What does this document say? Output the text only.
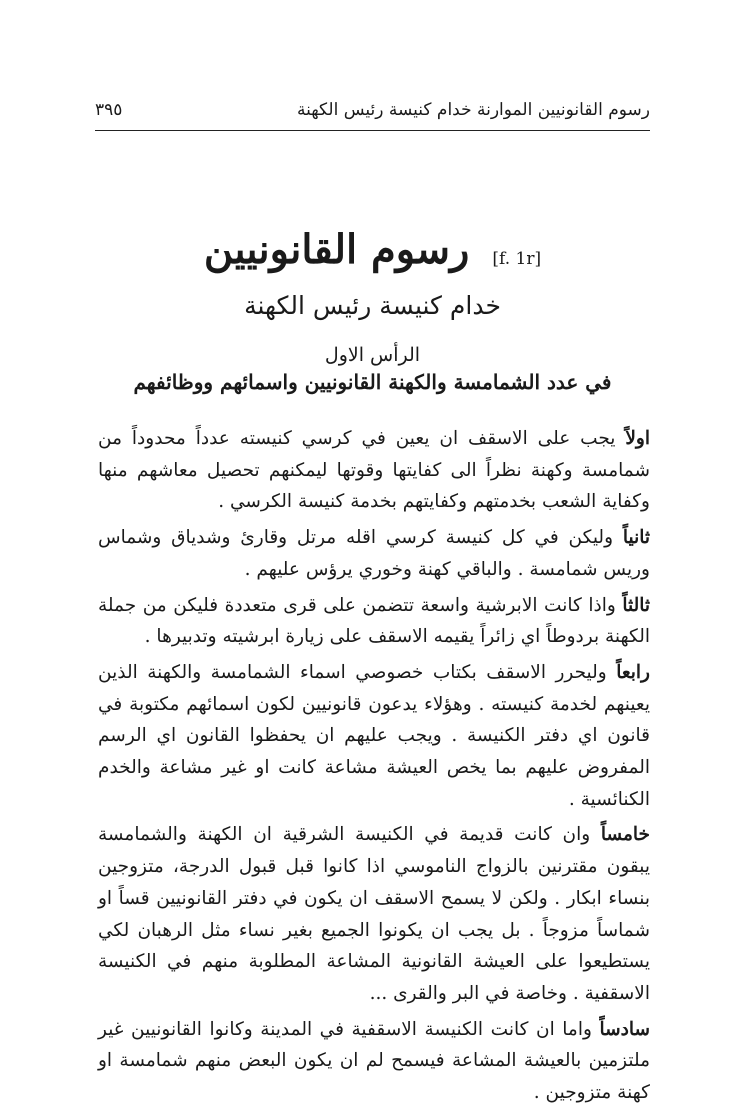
رسوم القانونيين الموارنة خدام كنيسة رئيس الكهنة
٣٩٥
رسوم القانونيين [f. 1r]
خدام كنيسة رئيس الكهنة
الرأس الاول
في عدد الشمامسة والكهنة القانونيين واسمائهم ووظائفهم

اولاً يجب على الاسقف ان يعين في كرسي كنيسته عدداً محدوداً من شمامسة وكهنة نظراً الى كفايتها وقوتها ليمكنهم تحصيل معاشهم منها وكفاية الشعب بخدمتهم وكفايتهم بخدمة كنيسة الكرسي .

ثانياً وليكن في كل كنيسة كرسي اقله مرتل وقارئ وشدياق وشماس وريس شمامسة . والباقي كهنة وخوري يرؤس عليهم .

ثالثاً واذا كانت الابرشية واسعة تتضمن على قرى متعددة فليكن من جملة الكهنة بردوطاً اي زائراً يقيمه الاسقف على زيارة ابرشيته وتدبيرها .

رابعاً وليحرر الاسقف بكتاب خصوصي اسماء الشمامسة والكهنة الذين يعينهم لخدمة كنيسته . وهؤلاء يدعون قانونيين لكون اسمائهم مكتوبة في قانون اي دفتر الكنيسة . ويجب عليهم ان يحفظوا القانون اي الرسم المفروض عليهم بما يخص العيشة مشاعة كانت او غير مشاعة والخدم الكنائسية .

خامساً وان كانت قديمة في الكنيسة الشرقية ان الكهنة والشمامسة يبقون مقترنين بالزواج الناموسي اذا كانوا قبل قبول الدرجة، متزوجين بنساء ابكار . ولكن لا يسمح الاسقف ان يكون في دفتر القانونيين قساً او شماساً مزوجاً . بل يجب ان يكونوا الجميع بغير نساء مثل الرهبان لكي يستطيعوا على العيشة القانونية المشاعة المطلوبة منهم في الكنيسة الاسقفية . وخاصة في البر والقرى ...

سادساً واما ان كانت الكنيسة الاسقفية في المدينة وكانوا القانونيين غير ملتزمين بالعيشة المشاعة فيسمح لم ان يكون البعض منهم شمامسة او كهنة متزوجين .
